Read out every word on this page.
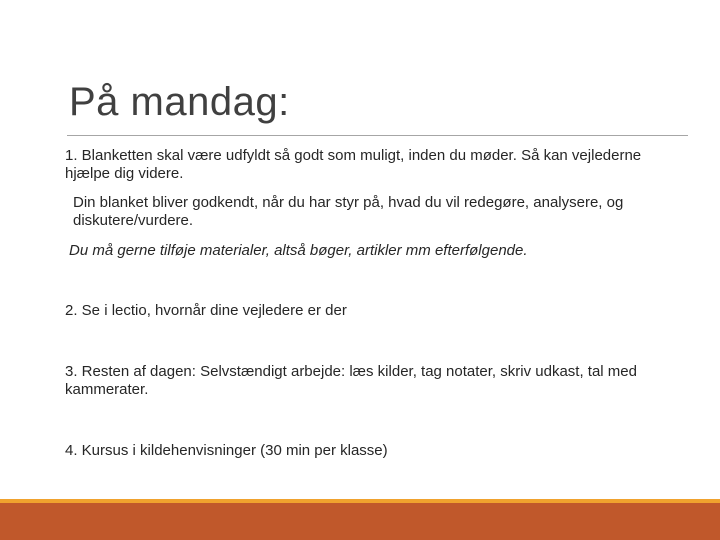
På mandag:
1. Blanketten skal være udfyldt så godt som muligt, inden du møder. Så kan vejlederne hjælpe dig videre.
Din blanket bliver godkendt, når du har styr på, hvad du vil redegøre, analysere, og diskutere/vurdere.
Du må gerne tilføje materialer, altså bøger, artikler mm efterfølgende.
2. Se i lectio, hvornår dine vejledere er der
3. Resten af dagen: Selvstændigt arbejde: læs kilder, tag notater, skriv udkast, tal med kammerater.
4. Kursus i kildehenvisninger (30 min per klasse)
